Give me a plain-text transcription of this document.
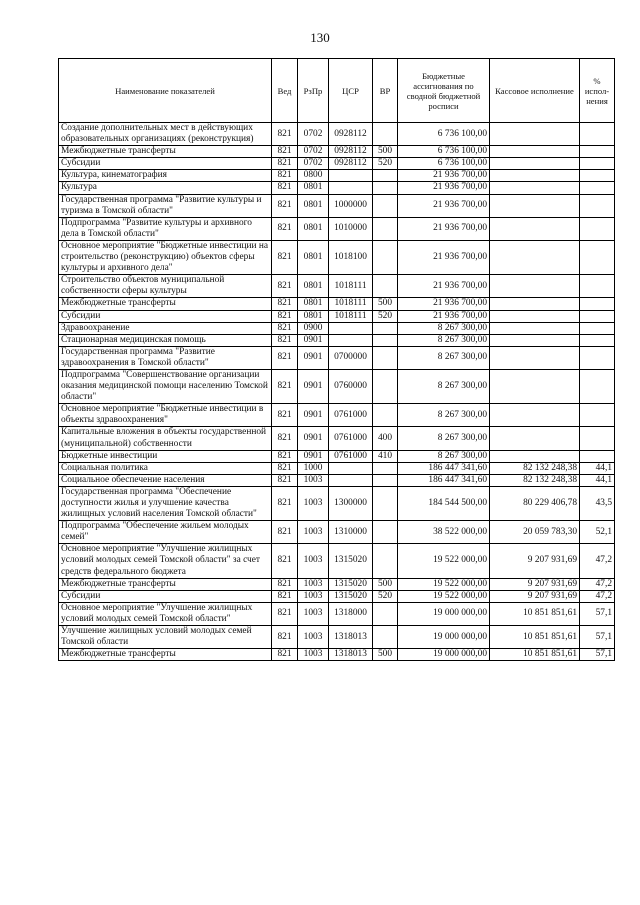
130
Наименование показателей	Вед	РзПр	ЦСР	ВР	Бюджетные ассигнования по сводной бюджетной росписи	Кассовое исполнение	% испол-нения
Создание дополнительных мест в действующих образовательных организациях (реконструкция)	821	0702	0928112		6 736 100,00		
Межбюджетные трансферты	821	0702	0928112	500	6 736 100,00		
Субсидии	821	0702	0928112	520	6 736 100,00		
Культура, кинематография	821	0800			21 936 700,00		
Культура	821	0801			21 936 700,00		
Государственная программа "Развитие культуры и туризма в Томской области"	821	0801	1000000		21 936 700,00		
Подпрограмма "Развитие культуры и архивного дела в Томской области"	821	0801	1010000		21 936 700,00		
Основное мероприятие "Бюджетные инвестиции на строительство (реконструкцию) объектов сферы культуры и архивного дела"	821	0801	1018100		21 936 700,00		
Строительство объектов муниципальной собственности сферы культуры	821	0801	1018111		21 936 700,00		
Межбюджетные трансферты	821	0801	1018111	500	21 936 700,00		
Субсидии	821	0801	1018111	520	21 936 700,00		
Здравоохранение	821	0900			8 267 300,00		
Стационарная медицинская помощь	821	0901			8 267 300,00		
Государственная программа "Развитие здравоохранения в Томской области"	821	0901	0700000		8 267 300,00		
Подпрограмма "Совершенствование организации оказания медицинской помощи населению Томской области"	821	0901	0760000		8 267 300,00		
Основное мероприятие "Бюджетные инвестиции в объекты здравоохранения"	821	0901	0761000		8 267 300,00		
Капитальные вложения в объекты государственной (муниципальной) собственности	821	0901	0761000	400	8 267 300,00		
Бюджетные инвестиции	821	0901	0761000	410	8 267 300,00		
Социальная политика	821	1000			186 447 341,60	82 132 248,38	44,1
Социальное обеспечение населения	821	1003			186 447 341,60	82 132 248,38	44,1
Государственная программа "Обеспечение доступности жилья и улучшение качества жилищных условий населения Томской области"	821	1003	1300000		184 544 500,00	80 229 406,78	43,5
Подпрограмма "Обеспечение жильем молодых семей"	821	1003	1310000		38 522 000,00	20 059 783,30	52,1
Основное мероприятие "Улучшение жилищных условий молодых семей Томской области" за счет средств федерального бюджета	821	1003	1315020		19 522 000,00	9 207 931,69	47,2
Межбюджетные трансферты	821	1003	1315020	500	19 522 000,00	9 207 931,69	47,2
Субсидии	821	1003	1315020	520	19 522 000,00	9 207 931,69	47,2
Основное мероприятие "Улучшение жилищных условий молодых семей Томской области"	821	1003	1318000		19 000 000,00	10 851 851,61	57,1
Улучшение жилищных условий молодых семей Томской области	821	1003	1318013		19 000 000,00	10 851 851,61	57,1
Межбюджетные трансферты	821	1003	1318013	500	19 000 000,00	10 851 851,61	57,1
